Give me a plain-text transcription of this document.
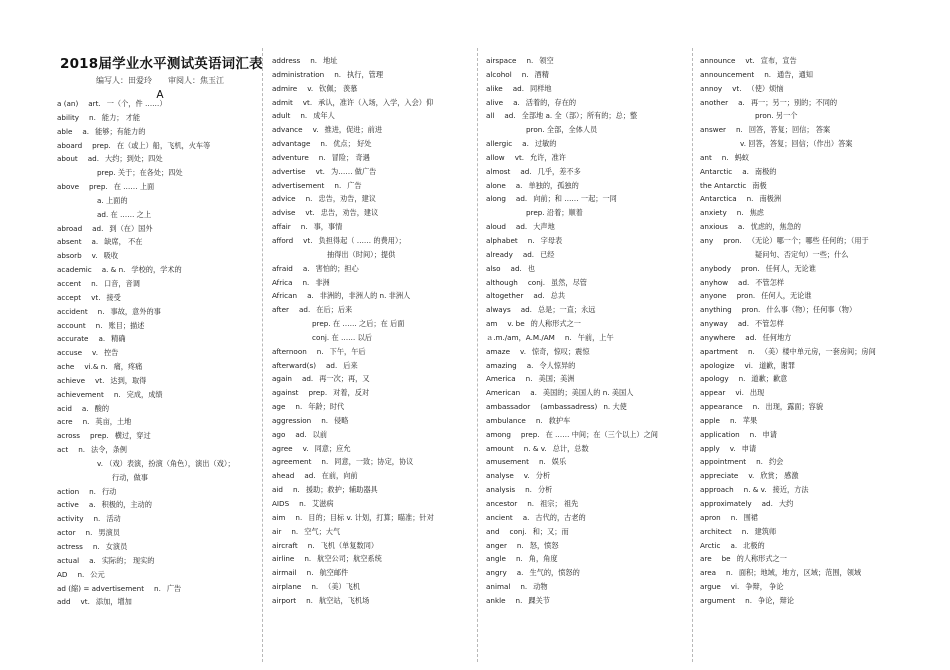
2018届学业水平测试英语词汇表
编写人：田爱玲 审阅人：焦玉江
A
a (an) art. 一（个，件 ……）
ability n. 能力； 才能
able a. 能够；有能力的
aboard prep. 在（或上）船，飞机，火车等
about ad. 大约；到处；四处
prep. 关于；在各处；四处
above prep. 在 …… 上面
a. 上面的
ad. 在 …… 之上
abroad ad. 到（在）国外
absent a. 缺席， 不在
absorb v. 吸收
academic a. & n. 学校的，学术的
accent n. 口音，音调
accept vt. 接受
accident n. 事故，意外的事
account n. 账目；描述
accurate a. 精确
accuse v. 控告
ache vi.& n. 痛，疼痛
achieve vt. 达到，取得
achievement n. 完成，成绩
acid a. 酸的
acre n. 英亩，土地
across prep. 横过，穿过
act n. 法令，条例
v. （戏）表演，扮演（角色），演出（戏）；
行动，做事
action n. 行动
active a. 积极的，主动的
activity n. 活动
actor n. 男演员
actress n. 女演员
actual a. 实际的； 现实的
AD n. 公元
ad (縮) = advertisement n. 广告
add vt. 添加，增加
address n. 地址
administration n. 执行，管理
admire v. 钦佩； 羡慕
admit vt. 承认，准许（入场，入学，入会）仰
adult n. 成年人
advance v. 推进，促进；前进
advantage n. 优点； 好处
adventure n. 冒险； 奇遇
advertise vt. 为…… 做广告
advertisement n. 广告
advice n. 忠告，劝告，建议
advise vt. 忠告，劝告，建议
affair n. 事，事情
afford vt. 负担得起（ …… 的费用）；
抽得出（时间）；提供
afraid a. 害怕的；担心
Africa n. 非洲
African a. 非洲的，非洲人的 n. 非洲人
after ad. 在后；后来
prep. 在 …… 之后；在 后面
conj. 在 …… 以后
afternoon n. 下午，午后
afterward(s) ad. 后来
again ad. 再一次；再，又
against prep. 对着，反对
age n. 年龄；时代
aggression n. 侵略
ago ad. 以前
agree v. 同意；应允
agreement n. 同意，一致；协定，协议
ahead ad. 在前，向前
aid n. 援助；救护；辅助器具
AIDS n. 艾滋病
aim n. 目的；目标 v. 计划，打算；瞄准；针对
air n. 空气；大气
aircraft n. 飞机（单复数同）
airline n. 航空公司；航空系统
airmail n. 航空邮件
airplane n. （美）飞机
airport n. 航空站，飞机场
airspace n. 领空
alcohol n. 酒精
alike ad. 同样地
alive a. 活着的，存在的
all ad. 全部地 a. 全（部）；所有的；总；整
pron. 全部，全体人员
allergic a. 过敏的
allow vt. 允许，准许
almost ad. 几乎，差不多
alone a. 单独的，孤独的
along ad. 向前；和 …… 一起；一同
prep. 沿着；顺着
aloud ad. 大声地
alphabet n. 字母表
already ad. 已经
also ad. 也
although conj. 虽然，尽管
altogether ad. 总共
always ad. 总是；一直；永远
am v. be 的人称形式之一
ａ.m./am，A.M./AM n. 午前，上午
amaze v. 惊奇，惊叹；震惊
amazing a. 令人惊异的
America n. 美国；美洲
American a. 美国的；美国人的 n. 美国人
ambassador (ambassadress) n. 大使
ambulance n. 救护车
among prep. 在 …… 中间；在（三个以上）之间
amount n. & v. 总计，总数
amusement n. 娱乐
analyse v. 分析
analysis n. 分析
ancestor n. 祖宗； 祖先
ancient a. 古代的，古老的
and conj. 和；又；而
anger n. 怒，愤怒
angle n. 角，角度
angry a. 生气的，愤怒的
animal n. 动物
ankle n. 踝关节
announce vt. 宣布，宣告
announcement n. 通告，通知
annoy vt. （使）烦恼
another a. 再一；另一；别的；不同的
pron. 另一个
answer n. 回答，答复；回信； 答案
v. 回答，答复；回信；（作出）答案
ant n. 蚂蚁
Antarctic a. 南极的
the Antarctic 南极
Antarctica n. 南极洲
anxiety n. 焦虑
anxious a. 忧虑的，焦急的
any pron. （无论）哪一个；哪些 任何的；（用于
疑问句、否定句）一些；什么
anybody pron. 任何人，无论谁
anyhow ad. 不管怎样
anyone pron. 任何人，无论谁
anything pron. 什么事（物）；任何事（物）
anyway ad. 不管怎样
anywhere ad. 任何地方
apartment n. （美）楼中单元房，一套房间；房间
apologize vi. 道歉，谢罪
apology n. 道歉；歉意
appear vi. 出现
appearance n. 出现，露面；容貌
apple n. 苹果
application n. 申请
apply v. 申请
appointment n. 约会
appreciate v. 欣赏； 感激
approach n. & v. 接近，方法
approximately ad. 大约
apron n. 围裙
architect n. 建筑师
Arctic a. 北极的
are be 的人称形式之一
area n. 面积；地域，地方，区域；范围，领域
argue vi. 争辩， 争论
argument n. 争论，辩论
